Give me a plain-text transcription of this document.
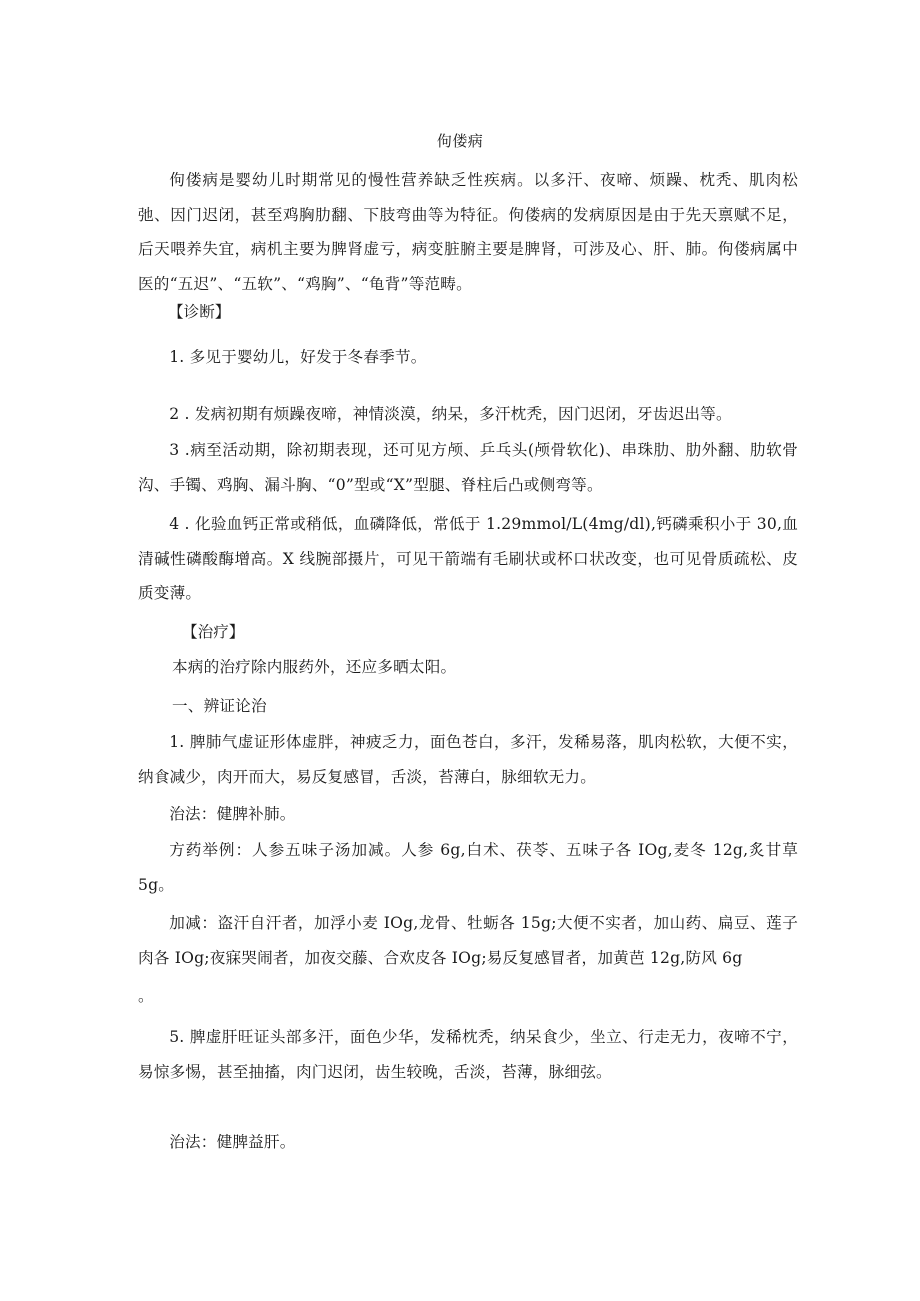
佝偻病

佝偻病是婴幼儿时期常见的慢性营养缺乏性疾病。以多汗、夜啼、烦躁、枕秃、肌肉松弛、因门迟闭，甚至鸡胸肋翻、下肢弯曲等为特征。佝偻病的发病原因是由于先天禀赋不足，后天喂养失宜，病机主要为脾肾虚亏，病变脏腑主要是脾肾，可涉及心、肝、肺。佝偻病属中医的“五迟”、“五软”、“鸡胸”、“龟背”等范畴。

【诊断】

1. 多见于婴幼儿，好发于冬春季节。

2 . 发病初期有烦躁夜啼，神情淡漠，纳呆，多汗枕秃，因门迟闭，牙齿迟出等。

3 .病至活动期，除初期表现，还可见方颅、乒乓头(颅骨软化)、串珠肋、肋外翻、肋软骨沟、手镯、鸡胸、漏斗胸、“0”型或“X”型腿、脊柱后凸或侧弯等。

4 . 化验血钙正常或稍低，血磷降低，常低于 1.29mmol∕L(4mg∕dl),钙磷乘积小于 30,血清碱性磷酸酶增高。X 线腕部摄片，可见干箭端有毛刷状或杯口状改变，也可见骨质疏松、皮质变薄。

【治疗】

本病的治疗除内服药外，还应多晒太阳。

一、辨证论治

1. 脾肺气虚证形体虚胖，神疲乏力，面色苍白，多汗，发稀易落，肌肉松软，大便不实，纳食减少，肉开而大，易反复感冒，舌淡，苔薄白，脉细软无力。

治法：健脾补肺。

方药举例：人参五味子汤加减。人参 6g,白术、茯苓、五味子各 IOg,麦冬 12g,炙甘草 5g。

加减：盗汗自汗者，加浮小麦 IOg,龙骨、牡蛎各 15g;大便不实者，加山药、扁豆、莲子肉各 IOg;夜寐哭闹者，加夜交藤、合欢皮各 IOg;易反复感冒者，加黄芭 12g,防风 6g

。

5. 脾虚肝旺证头部多汗，面色少华，发稀枕秃，纳呆食少，坐立、行走无力，夜啼不宁，易惊多惕，甚至抽搐，肉门迟闭，齿生较晚，舌淡，苔薄，脉细弦。

治法：健脾益肝。
